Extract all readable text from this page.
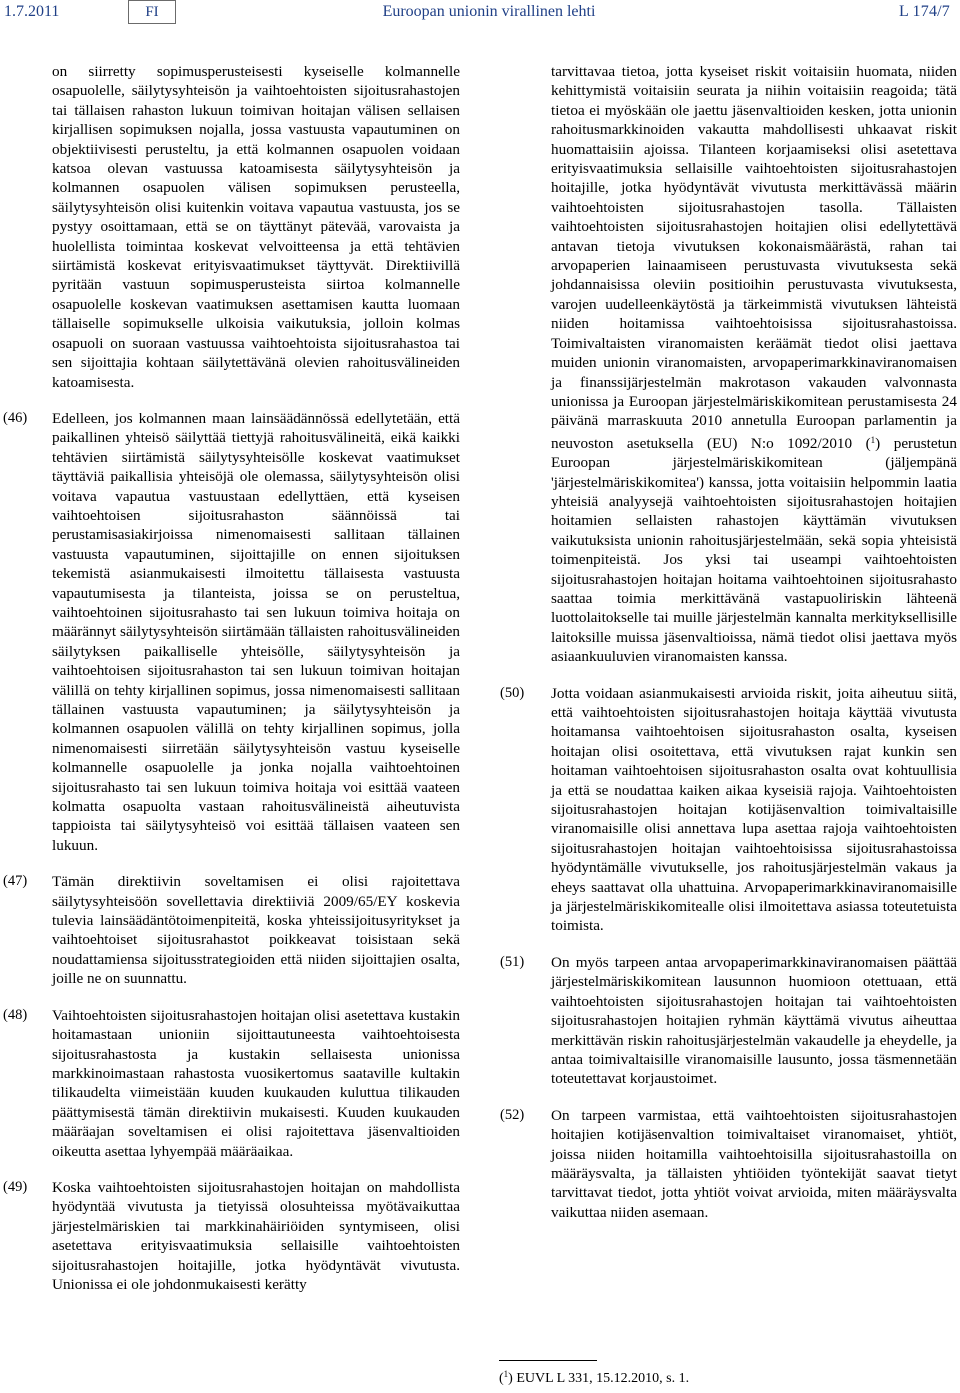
1.7.2011	FI	Euroopan unionin virallinen lehti	L 174/7
on siirretty sopimusperusteisesti kyseiselle kolmannelle osapuolelle, säilytysyhteisön ja vaihtoehtoisten sijoitusrahastojen tai tällaisen rahaston lukuun toimivan hoitajan välisen sellaisen kirjallisen sopimuksen nojalla, jossa vastuusta vapautuminen on objektiivisesti perusteltu, ja että kolmannen osapuolen voidaan katsoa olevan vastuussa katoamisesta säilytysyhteisön ja kolmannen osapuolen välisen sopimuksen perusteella, säilytysyhteisön olisi kuitenkin voitava vapautua vastuusta, jos se pystyy osoittamaan, että se on täyttänyt pätevää, varovaista ja huolellista toimintaa koskevat velvoitteensa ja että tehtävien siirtämistä koskevat erityisvaatimukset täyttyvät. Direktiivillä pyritään vastuun sopimusperusteista siirtoa kolmannelle osapuolelle koskevan vaatimuksen asettamisen kautta luomaan tällaiselle sopimukselle ulkoisia vaikutuksia, jolloin kolmas osapuoli on suoraan vastuussa vaihtoehtoista sijoitusrahastoa tai sen sijoittajia kohtaan säilytettävänä olevien rahoitusvälineiden katoamisesta.
(46)	Edelleen, jos kolmannen maan lainsäädännössä edellytetään, että paikallinen yhteisö säilyttää tiettyjä rahoitusvälineitä, eikä kaikki tehtävien siirtämistä säilytysyhteisölle koskevat vaatimukset täyttäviä paikallisia yhteisöjä ole olemassa, säilytysyhteisön olisi voitava vapautua vastuustaan edellyttäen, että kyseisen vaihtoehtoisen sijoitusrahaston säännöissä tai perustamisasiakirjoissa nimenomaisesti sallitaan tällainen vastuusta vapautuminen, sijoittajille on ennen sijoituksen tekemistä asianmukaisesti ilmoitettu tällaisesta vastuusta vapautumisesta ja tilanteista, joissa se on perusteltua, vaihtoehtoinen sijoitusrahasto tai sen lukuun toimiva hoitaja on määrännyt säilytysyhteisön siirtämään tällaisten rahoitusvälineiden säilytyksen paikalliselle yhteisölle, säilytysyhteisön ja vaihtoehtoisen sijoitusrahaston tai sen lukuun toimivan hoitajan välillä on tehty kirjallinen sopimus, jossa nimenomaisesti sallitaan tällainen vastuusta vapautuminen; ja säilytysyhteisön ja kolmannen osapuolen välillä on tehty kirjallinen sopimus, jolla nimenomaisesti siirretään säilytysyhteisön vastuu kyseiselle kolmannelle osapuolelle ja jonka nojalla vaihtoehtoinen sijoitusrahasto tai sen lukuun toimiva hoitaja voi esittää vaateen kolmatta osapuolta vastaan rahoitusvälineistä aiheutuvista tappioista tai säilytysyhteisö voi esittää tällaisen vaateen sen lukuun.
(47)	Tämän direktiivin soveltamisen ei olisi rajoitettava säilytysyhteisöön sovellettavia direktiiviä 2009/65/EY koskevia tulevia lainsäädäntötoimenpiteitä, koska yhteissijoitusyritykset ja vaihtoehtoiset sijoitusrahastot poikkeavat toisistaan sekä noudattamiensa sijoitusstrategioiden että niiden sijoittajien osalta, joille ne on suunnattu.
(48)	Vaihtoehtoisten sijoitusrahastojen hoitajan olisi asetettava kustakin hoitamastaan unioniin sijoittautuneesta vaihtoehtoisesta sijoitusrahastosta ja kustakin sellaisesta unionissa markkinoimastaan rahastosta vuosikertomus saataville kultakin tilikaudelta viimeistään kuuden kuukauden kuluttua tilikauden päättymisestä tämän direktiivin mukaisesti. Kuuden kuukauden määräajan soveltamisen ei olisi rajoitettava jäsenvaltioiden oikeutta asettaa lyhyempää määräaikaa.
(49)	Koska vaihtoehtoisten sijoitusrahastojen hoitajan on mahdollista hyödyntää vivutusta ja tietyissä olosuhteissa myötävaikuttaa järjestelmäriskien tai markkinahäiriöiden syntymiseen, olisi asetettava erityisvaatimuksia sellaisille vaihtoehtoisten sijoitusrahastojen hoitajille, jotka hyödyntävät vivutusta. Unionissa ei ole johdonmukaisesti kerätty
tarvittavaa tietoa, jotta kyseiset riskit voitaisiin huomata, niiden kehittymistä voitaisiin seurata ja niihin voitaisiin reagoida; tätä tietoa ei myöskään ole jaettu jäsenvaltioiden kesken, jotta unionin rahoitusmarkkinoiden vakautta mahdollisesti uhkaavat riskit huomattaisiin ajoissa. Tilanteen korjaamiseksi olisi asetettava erityisvaatimuksia sellaisille vaihtoehtoisten sijoitusrahastojen hoitajille, jotka hyödyntävät vivutusta merkittävässä määrin vaihtoehtoisten sijoitusrahastojen tasolla. Tällaisten vaihtoehtoisten sijoitusrahastojen hoitajien olisi edellytettävä antavan tietoja vivutuksen kokonaismäärästä, rahan tai arvopaperien lainaamiseen perustuvasta vivutuksesta sekä johdannaisissa oleviin positioihin perustuvasta vivutuksesta, varojen uudelleenkäytöstä ja tärkeimmistä vivutuksen lähteistä niiden hoitamissa vaihtoehtoisissa sijoitusrahastoissa. Toimivaltaisten viranomaisten keräämät tiedot olisi jaettava muiden unionin viranomaisten, arvopaperimarkkinaviranomaisen ja finanssijärjestelmän makrotason vakauden valvonnasta unionissa ja Euroopan järjestelmäriskikomitean perustamisesta 24 päivänä marraskuuta 2010 annetulla Euroopan parlamentin ja neuvoston asetuksella (EU) N:o 1092/2010 ($^1$) perustetun Euroopan järjestelmäriskikomitean (jäljempänä 'järjestelmäriskikomitea') kanssa, jotta voitaisiin helpommin laatia yhteisiä analyysejä vaihtoehtoisten sijoitusrahastojen hoitajien hoitamien sellaisten rahastojen käyttämän vivutuksen vaikutuksista unionin rahoitusjärjestelmään, sekä sopia yhteisistä toimenpiteistä. Jos yksi tai useampi vaihtoehtoisten sijoitusrahastojen hoitajan hoitama vaihtoehtoinen sijoitusrahasto saattaa toimia merkittävänä vastapuoliriskin lähteenä luottolaitokselle tai muille järjestelmän kannalta merkityksellisille laitoksille muissa jäsenvaltioissa, nämä tiedot olisi jaettava myös asiaankuuluvien viranomaisten kanssa.
(50)	Jotta voidaan asianmukaisesti arvioida riskit, joita aiheutuu siitä, että vaihtoehtoisten sijoitusrahastojen hoitaja käyttää vivutusta hoitamansa vaihtoehtoisen sijoitusrahaston osalta, kyseisen hoitajan olisi osoitettava, että vivutuksen rajat kunkin sen hoitaman vaihtoehtoisen sijoitusrahaston osalta ovat kohtuullisia ja että se noudattaa kaiken aikaa kyseisiä rajoja. Vaihtoehtoisten sijoitusrahastojen hoitajan kotijäsenvaltion toimivaltaisille viranomaisille olisi annettava lupa asettaa rajoja vaihtoehtoisten sijoitusrahastojen hoitajan vaihtoehtoisissa sijoitusrahastoissa hyödyntämälle vivutukselle, jos rahoitusjärjestelmän vakaus ja eheys saattavat olla uhattuina. Arvopaperimarkkinaviranomaisille ja järjestelmäriskikomitealle olisi ilmoitettava asiassa toteutetuista toimista.
(51)	On myös tarpeen antaa arvopaperimarkkinaviranomaisen päättää järjestelmäriskikomitean lausunnon huomioon otettuaan, että vaihtoehtoisten sijoitusrahastojen hoitajan tai vaihtoehtoisten sijoitusrahastojen hoitajien ryhmän käyttämä vivutus aiheuttaa merkittävän riskin rahoitusjärjestelmän vakaudelle ja eheydelle, ja antaa toimivaltaisille viranomaisille lausunto, jossa täsmennetään toteutettavat korjaustoimet.
(52)	On tarpeen varmistaa, että vaihtoehtoisten sijoitusrahastojen hoitajien kotijäsenvaltion toimivaltaiset viranomaiset, yhtiöt, joissa niiden hoitamilla vaihtoehtoisilla sijoitusrahastoilla on määräysvalta, ja tällaisten yhtiöiden työntekijät saavat tietyt tarvittavat tiedot, jotta yhtiöt voivat arvioida, miten määräysvalta vaikuttaa niiden asemaan.
($^1$) EUVL L 331, 15.12.2010, s. 1.
